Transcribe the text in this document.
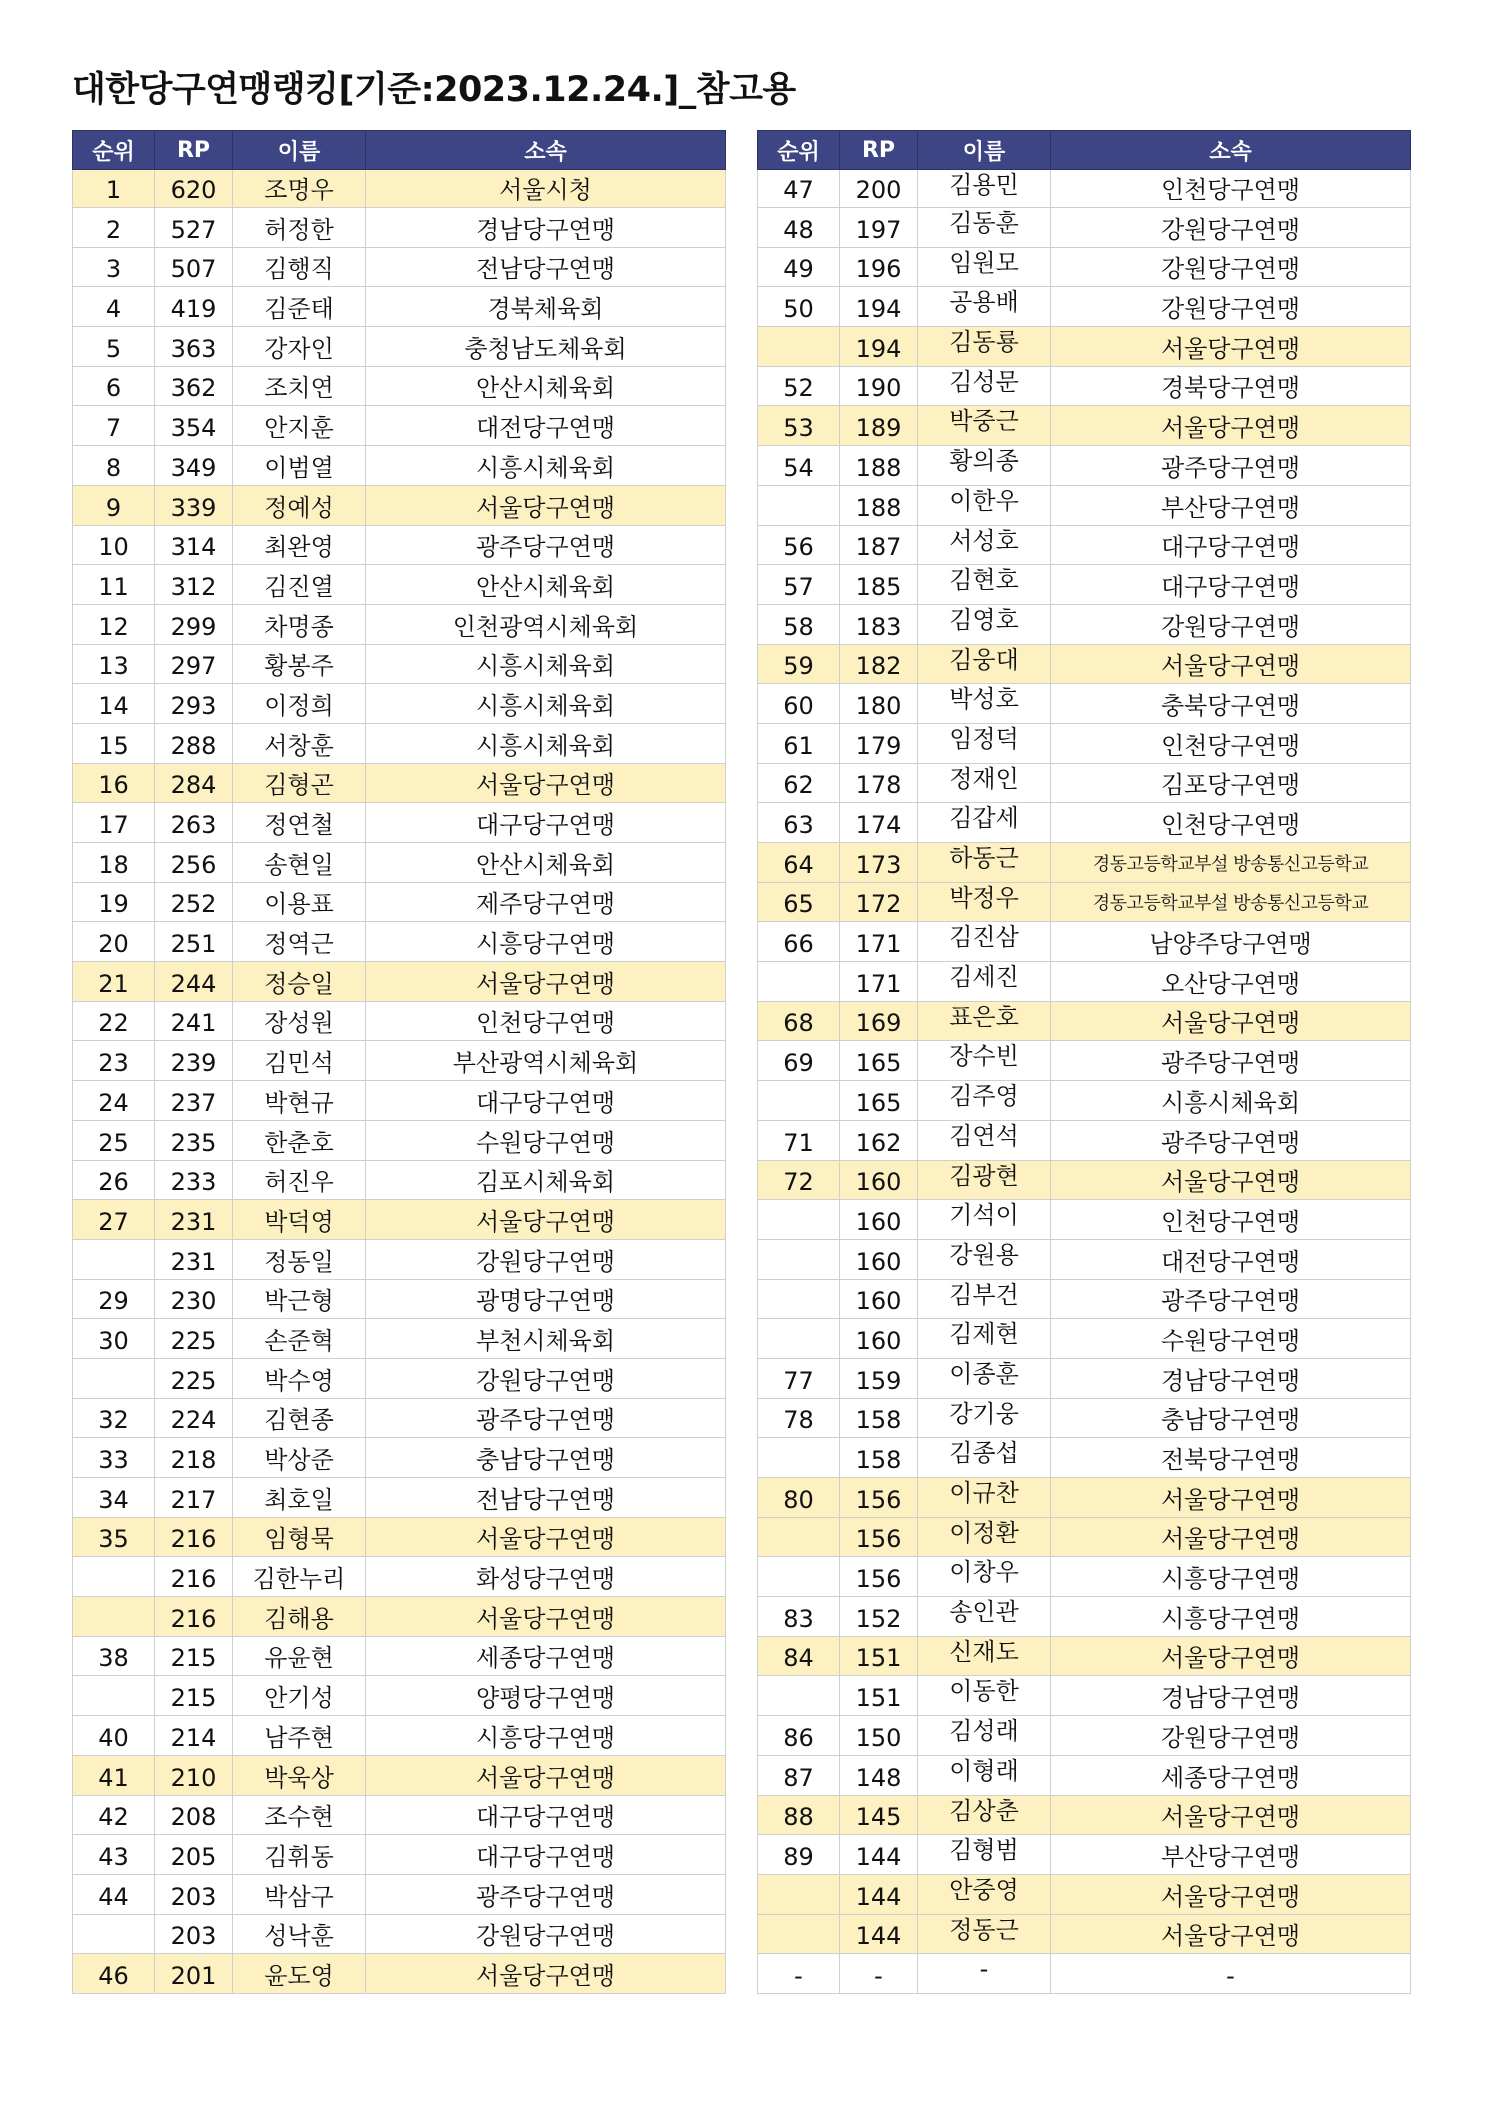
대한당구연맹랭킹[기준:2023.12.24.]_참고용
순위	RP	이름	소속
1	620	조명우	서울시청
2	527	허정한	경남당구연맹
3	507	김행직	전남당구연맹
4	419	김준태	경북체육회
5	363	강자인	충청남도체육회
6	362	조치연	안산시체육회
7	354	안지훈	대전당구연맹
8	349	이범열	시흥시체육회
9	339	정예성	서울당구연맹
10	314	최완영	광주당구연맹
11	312	김진열	안산시체육회
12	299	차명종	인천광역시체육회
13	297	황봉주	시흥시체육회
14	293	이정희	시흥시체육회
15	288	서창훈	시흥시체육회
16	284	김형곤	서울당구연맹
17	263	정연철	대구당구연맹
18	256	송현일	안산시체육회
19	252	이용표	제주당구연맹
20	251	정역근	시흥당구연맹
21	244	정승일	서울당구연맹
22	241	장성원	인천당구연맹
23	239	김민석	부산광역시체육회
24	237	박현규	대구당구연맹
25	235	한춘호	수원당구연맹
26	233	허진우	김포시체육회
27	231	박덕영	서울당구연맹
	231	정동일	강원당구연맹
29	230	박근형	광명당구연맹
30	225	손준혁	부천시체육회
	225	박수영	강원당구연맹
32	224	김현종	광주당구연맹
33	218	박상준	충남당구연맹
34	217	최호일	전남당구연맹
35	216	임형묵	서울당구연맹
	216	김한누리	화성당구연맹
	216	김해용	서울당구연맹
38	215	유윤현	세종당구연맹
	215	안기성	양평당구연맹
40	214	남주현	시흥당구연맹
41	210	박욱상	서울당구연맹
42	208	조수현	대구당구연맹
43	205	김휘동	대구당구연맹
44	203	박삼구	광주당구연맹
	203	성낙훈	강원당구연맹
46	201	윤도영	서울당구연맹
순위	RP	이름	소속
47	200	김용민	인천당구연맹
48	197	김동훈	강원당구연맹
49	196	임원모	강원당구연맹
50	194	공용배	강원당구연맹
	194	김동룡	서울당구연맹
52	190	김성문	경북당구연맹
53	189	박중근	서울당구연맹
54	188	황의종	광주당구연맹
	188	이한우	부산당구연맹
56	187	서성호	대구당구연맹
57	185	김현호	대구당구연맹
58	183	김영호	강원당구연맹
59	182	김웅대	서울당구연맹
60	180	박성호	충북당구연맹
61	179	임정덕	인천당구연맹
62	178	정재인	김포당구연맹
63	174	김갑세	인천당구연맹
64	173	하동근	경동고등학교부설 방송통신고등학교
65	172	박정우	경동고등학교부설 방송통신고등학교
66	171	김진삼	남양주당구연맹
	171	김세진	오산당구연맹
68	169	표은호	서울당구연맹
69	165	장수빈	광주당구연맹
	165	김주영	시흥시체육회
71	162	김연석	광주당구연맹
72	160	김광현	서울당구연맹
	160	기석이	인천당구연맹
	160	강원용	대전당구연맹
	160	김부건	광주당구연맹
	160	김제현	수원당구연맹
77	159	이종훈	경남당구연맹
78	158	강기웅	충남당구연맹
	158	김종섭	전북당구연맹
80	156	이규찬	서울당구연맹
	156	이정환	서울당구연맹
	156	이창우	시흥당구연맹
83	152	송인관	시흥당구연맹
84	151	신재도	서울당구연맹
	151	이동한	경남당구연맹
86	150	김성래	강원당구연맹
87	148	이형래	세종당구연맹
88	145	김상춘	서울당구연맹
89	144	김형범	부산당구연맹
	144	안중영	서울당구연맹
	144	정동근	서울당구연맹
-	-	-	-
